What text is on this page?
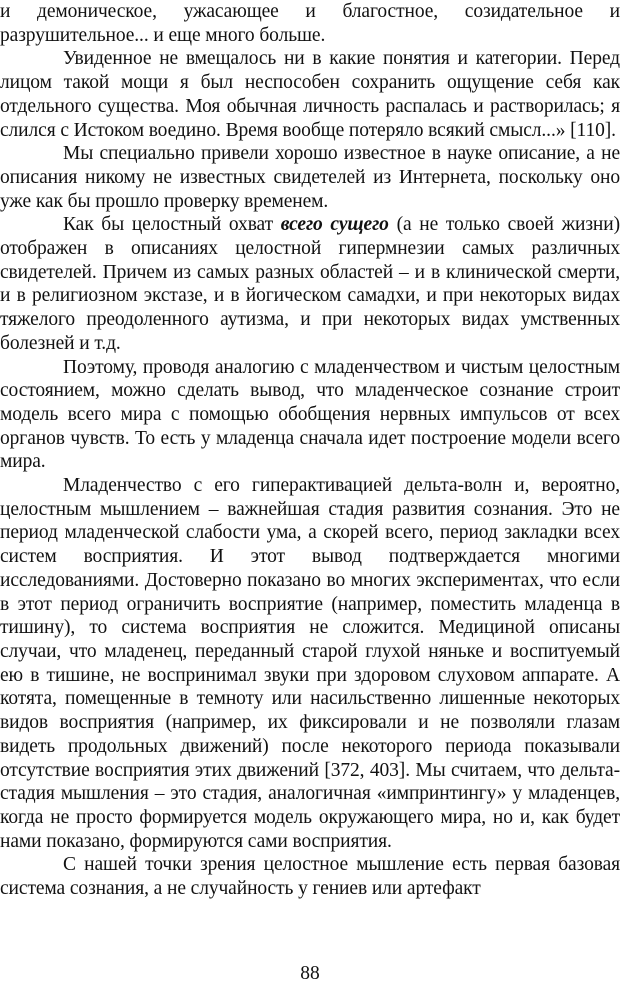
и демоническое, ужасающее и благостное, созидательное и разрушительное... и еще много больше.

Увиденное не вмещалось ни в какие понятия и категории. Перед лицом такой мощи я был неспособен сохранить ощущение себя как отдельного существа. Моя обычная личность распалась и растворилась; я слился с Истоком воедино. Время вообще потеряло всякий смысл...» [110].

Мы специально привели хорошо известное в науке описание, а не описания никому не известных свидетелей из Интернета, поскольку оно уже как бы прошло проверку временем.

Как бы целостный охват всего сущего (а не только своей жизни) отображен в описаниях целостной гипермнезии самых различных свидетелей. Причем из самых разных областей – и в клинической смерти, и в религиозном экстазе, и в йогическом самадхи, и при некоторых видах тяжелого преодоленного аутизма, и при некоторых видах умственных болезней и т.д.

Поэтому, проводя аналогию с младенчеством и чистым целостным состоянием, можно сделать вывод, что младенческое сознание строит модель всего мира с помощью обобщения нервных импульсов от всех органов чувств. То есть у младенца сначала идет построение модели всего мира.

Младенчество с его гиперактивацией дельта-волн и, вероятно, целостным мышлением – важнейшая стадия развития сознания. Это не период младенческой слабости ума, а скорей всего, период закладки всех систем восприятия. И этот вывод подтверждается многими исследованиями. Достоверно показано во многих экспериментах, что если в этот период ограничить восприятие (например, поместить младенца в тишину), то система восприятия не сложится. Медициной описаны случаи, что младенец, переданный старой глухой няньке и воспитуемый ею в тишине, не воспринимал звуки при здоровом слуховом аппарате. А котята, помещенные в темноту или насильственно лишенные некоторых видов восприятия (например, их фиксировали и не позволяли глазам видеть продольных движений) после некоторого периода показывали отсутствие восприятия этих движений [372, 403]. Мы считаем, что дельта-стадия мышления – это стадия, аналогичная «импринтингу» у младенцев, когда не просто формируется модель окружающего мира, но и, как будет нами показано, формируются сами восприятия.

С нашей точки зрения целостное мышление есть первая базовая система сознания, а не случайность у гениев или артефакт

88
